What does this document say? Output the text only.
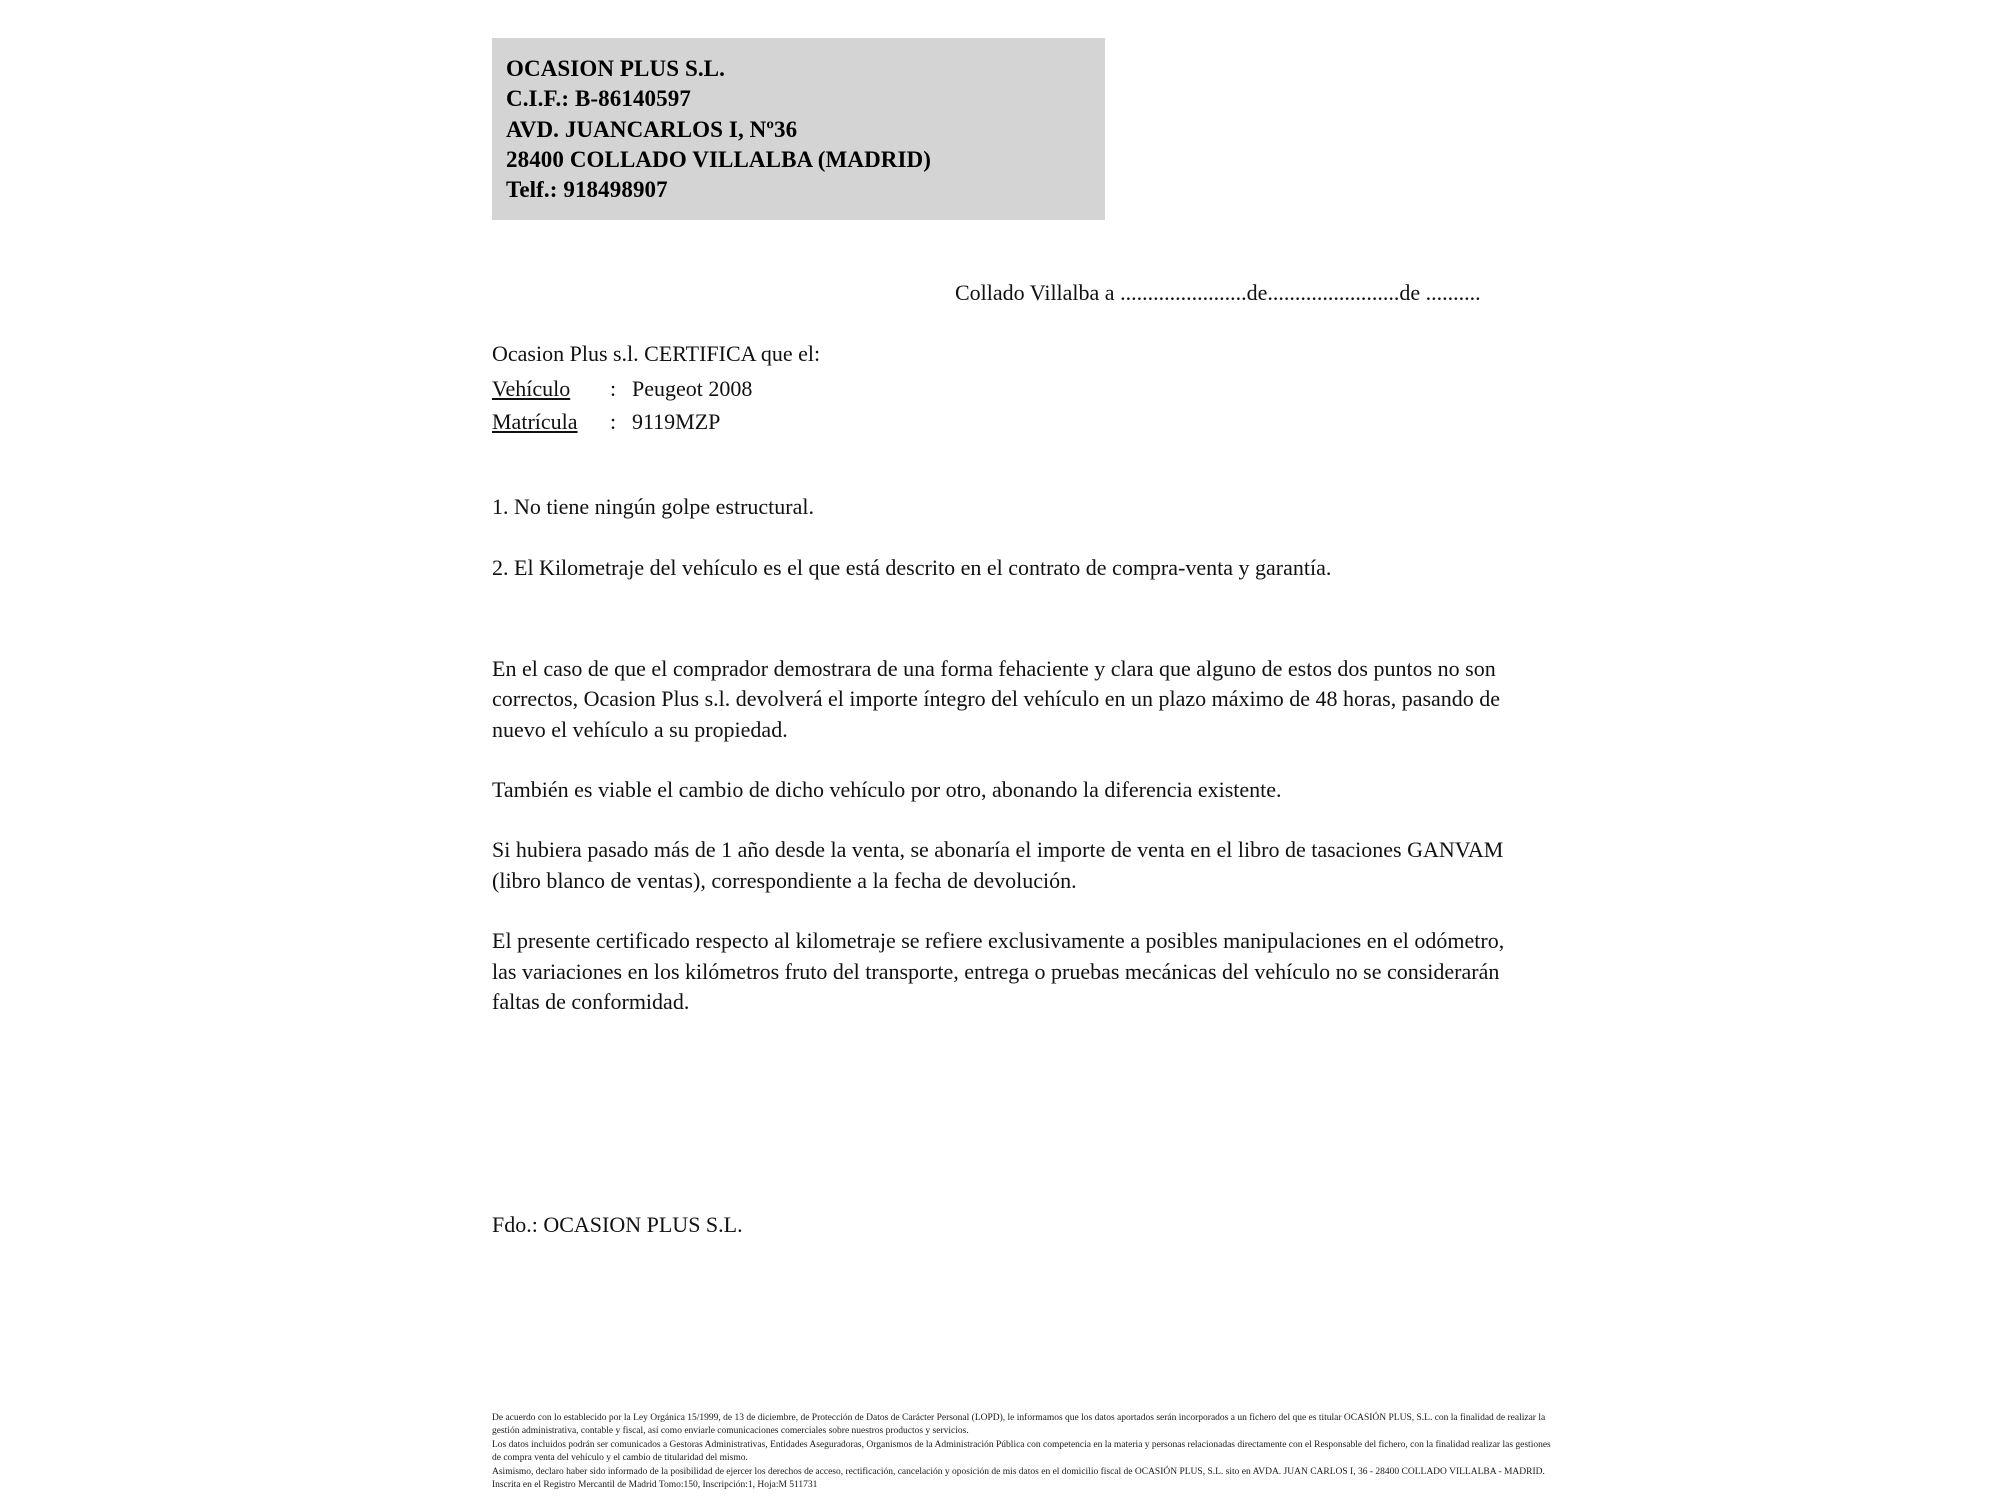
OCASION PLUS S.L.
C.I.F.: B-86140597
AVD. JUANCARLOS I, Nº36
28400 COLLADO VILLALBA (MADRID)
Telf.: 918498907
Collado Villalba a .......................de........................de ..........

Ocasion Plus s.l. CERTIFICA que el:

Vehículo	: Peugeot 2008
Matrícula	: 9119MZP

1. No tiene ningún golpe estructural.

2. El Kilometraje del vehículo es el que está descrito en el contrato de compra-venta y garantía.

En el caso de que el comprador demostrara de una forma fehaciente y clara que alguno de estos dos puntos no son correctos, Ocasion Plus s.l. devolverá el importe íntegro del vehículo en un plazo máximo de 48 horas, pasando de nuevo el vehículo a su propiedad.

También es viable el cambio de dicho vehículo por otro, abonando la diferencia existente.

Si hubiera pasado más de 1 año desde la venta, se abonaría el importe de venta en el libro de tasaciones GANVAM (libro blanco de ventas), correspondiente a la fecha de devolución.

El presente certificado respecto al kilometraje se refiere exclusivamente a posibles manipulaciones en el odómetro, las variaciones en los kilómetros fruto del transporte, entrega o pruebas mecánicas del vehículo no se considerarán faltas de conformidad.

Fdo.: OCASION PLUS S.L.

De acuerdo con lo establecido por la Ley Orgánica 15/1999, de 13 de diciembre, de Protección de Datos de Carácter Personal (LOPD), le informamos que los datos aportados serán incorporados a un fichero del que es titular OCASIÓN PLUS, S.L. con la finalidad de realizar la gestión administrativa, contable y fiscal, así como enviarle comunicaciones comerciales sobre nuestros productos y servicios.

Los datos incluidos podrán ser comunicados a Gestoras Administrativas, Entidades Aseguradoras, Organismos de la Administración Pública con competencia en la materia y personas relacionadas directamente con el Responsable del fichero, con la finalidad realizar las gestiones de compra venta del vehículo y el cambio de titularidad del mismo.

Asimismo, declaro haber sido informado de la posibilidad de ejercer los derechos de acceso, rectificación, cancelación y oposición de mis datos en el domicilio fiscal de OCASIÓN PLUS, S.L. sito en AVDA. JUAN CARLOS I, 36 - 28400 COLLADO VILLALBA - MADRID. Inscrita en el Registro Mercantil de Madrid Tomo:150, Inscripción:1, Hoja:M 511731
